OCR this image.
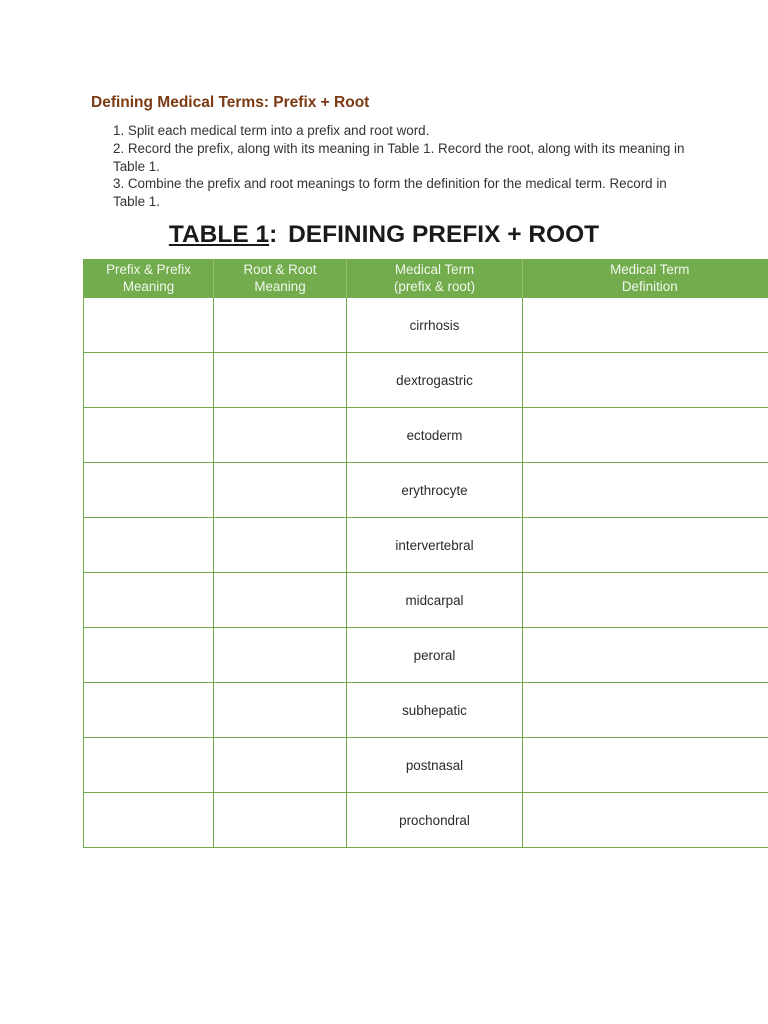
Defining Medical Terms: Prefix + Root
1. Split each medical term into a prefix and root word.
2. Record the prefix, along with its meaning in Table 1. Record the root, along with its meaning in Table 1.
3. Combine the prefix and root meanings to form the definition for the medical term. Record in Table 1.
TABLE 1: DEFINING PREFIX + ROOT
Prefix & Prefix
Meaning	Root & Root
Meaning	Medical Term
(prefix & root)	Medical Term
Definition
		cirrhosis	
		dextrogastric	
		ectoderm	
		erythrocyte	
		intervertebral	
		midcarpal	
		peroral	
		subhepatic	
		postnasal	
		prochondral	
